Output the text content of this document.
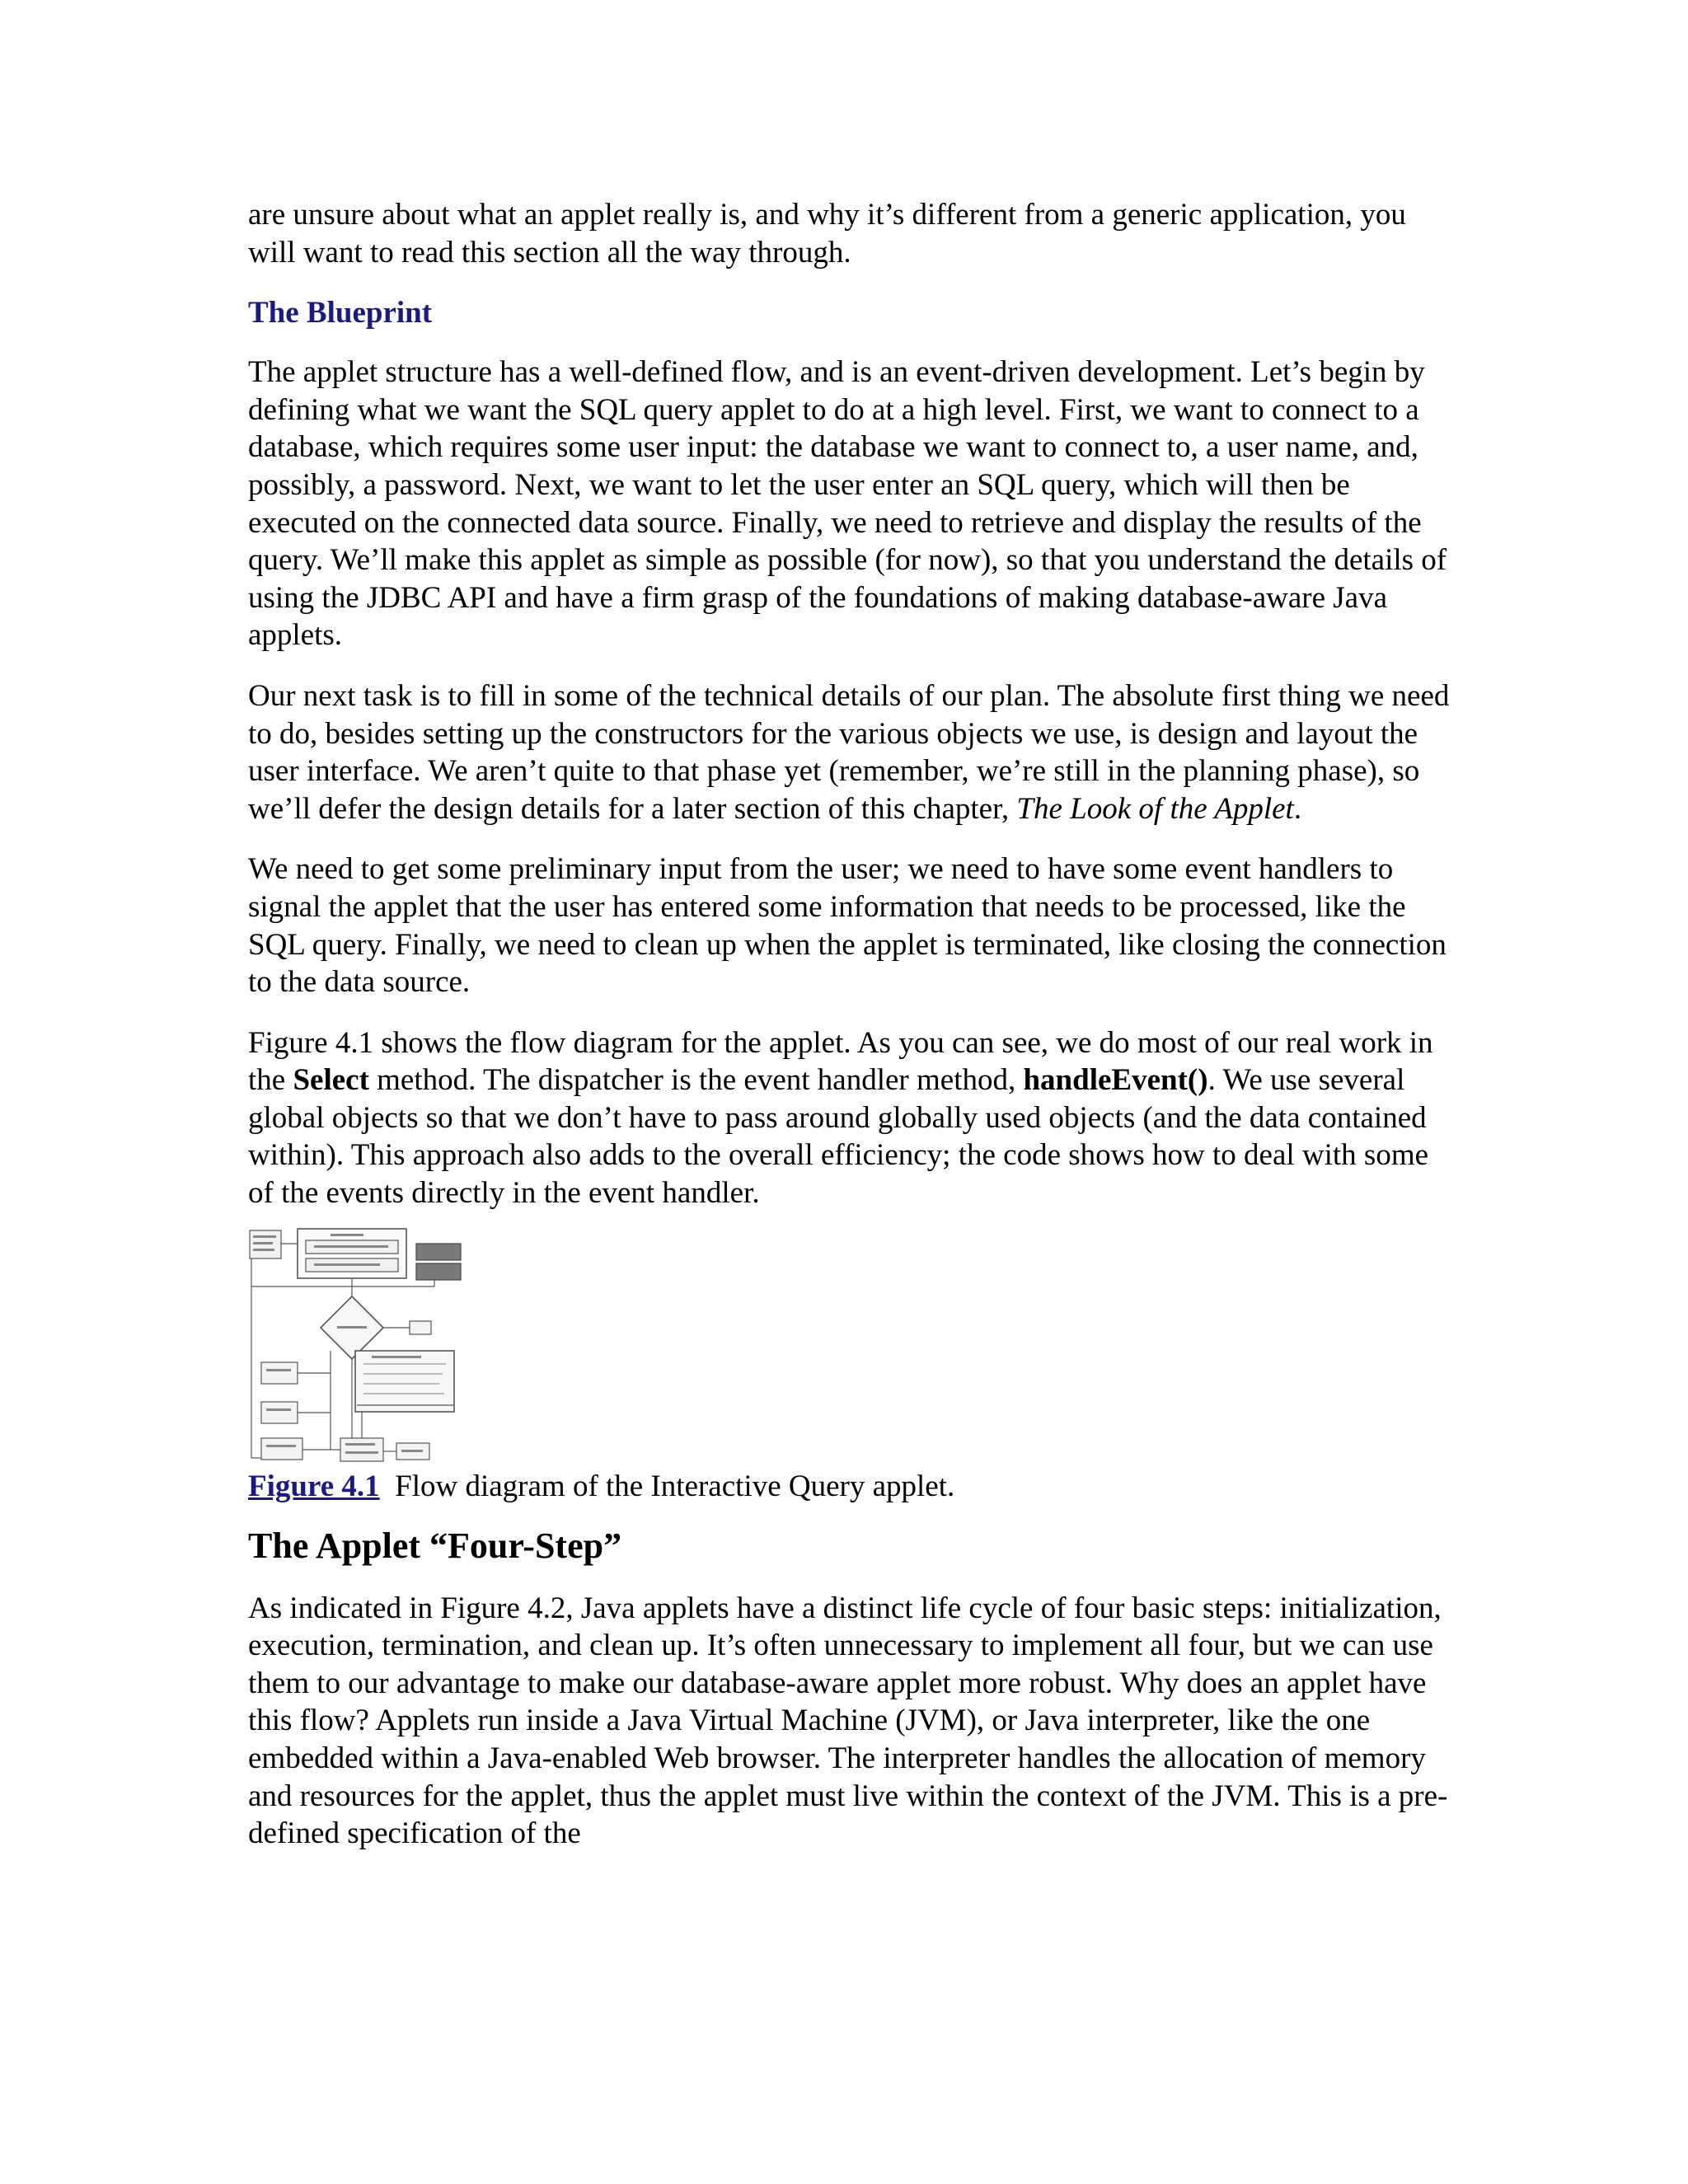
are unsure about what an applet really is, and why it’s different from a generic application, you will want to read this section all the way through.

The Blueprint

The applet structure has a well-defined flow, and is an event-driven development. Let’s begin by defining what we want the SQL query applet to do at a high level. First, we want to connect to a database, which requires some user input: the database we want to connect to, a user name, and, possibly, a password. Next, we want to let the user enter an SQL query, which will then be executed on the connected data source. Finally, we need to retrieve and display the results of the query. We’ll make this applet as simple as possible (for now), so that you understand the details of using the JDBC API and have a firm grasp of the foundations of making database-aware Java applets.

Our next task is to fill in some of the technical details of our plan. The absolute first thing we need to do, besides setting up the constructors for the various objects we use, is design and layout the user interface. We aren’t quite to that phase yet (remember, we’re still in the planning phase), so we’ll defer the design details for a later section of this chapter, The Look of the Applet.

We need to get some preliminary input from the user; we need to have some event handlers to signal the applet that the user has entered some information that needs to be processed, like the SQL query. Finally, we need to clean up when the applet is terminated, like closing the connection to the data source.

Figure 4.1 shows the flow diagram for the applet. As you can see, we do most of our real work in the Select method. The dispatcher is the event handler method, handleEvent(). We use several global objects so that we don’t have to pass around globally used objects (and the data contained within). This approach also adds to the overall efficiency; the code shows how to deal with some of the events directly in the event handler.

Figure 4.1  Flow diagram of the Interactive Query applet.
The Applet “Four-Step”

As indicated in Figure 4.2, Java applets have a distinct life cycle of four basic steps: initialization, execution, termination, and clean up. It’s often unnecessary to implement all four, but we can use them to our advantage to make our database-aware applet more robust. Why does an applet have this flow? Applets run inside a Java Virtual Machine (JVM), or Java interpreter, like the one embedded within a Java-enabled Web browser. The interpreter handles the allocation of memory and resources for the applet, thus the applet must live within the context of the JVM. This is a pre-defined specification of the
